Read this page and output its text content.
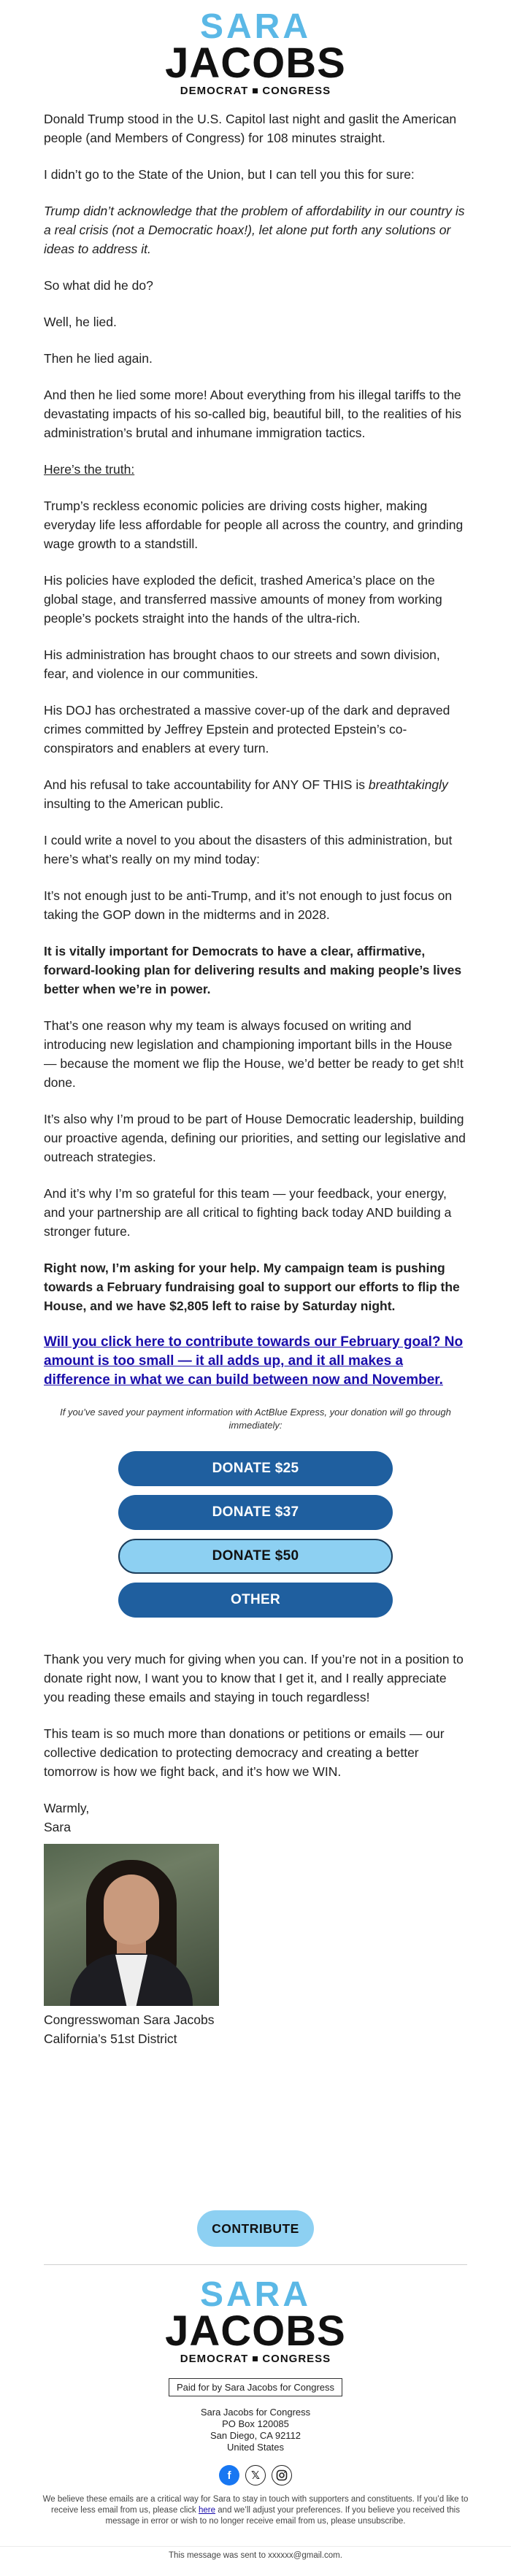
SARA
JACOBS
DEMOCRAT CONGRESS

Donald Trump stood in the U.S. Capitol last night and gaslit the American people (and Members of Congress) for 108 minutes straight.

I didn’t go to the State of the Union, but I can tell you this for sure:

Trump didn’t acknowledge that the problem of affordability in our country is a real crisis (not a Democratic hoax!), let alone put forth any solutions or ideas to address it.

So what did he do?

Well, he lied.

Then he lied again.

And then he lied some more! About everything from his illegal tariffs to the devastating impacts of his so-called big, beautiful bill, to the realities of his administration’s brutal and inhumane immigration tactics.

Here’s the truth:

Trump’s reckless economic policies are driving costs higher, making everyday life less affordable for people all across the country, and grinding wage growth to a standstill.

His policies have exploded the deficit, trashed America’s place on the global stage, and transferred massive amounts of money from working people’s pockets straight into the hands of the ultra-rich.

His administration has brought chaos to our streets and sown division, fear, and violence in our communities.

His DOJ has orchestrated a massive cover-up of the dark and depraved crimes committed by Jeffrey Epstein and protected Epstein’s co-conspirators and enablers at every turn.

And his refusal to take accountability for ANY OF THIS is breathtakingly insulting to the American public.

I could write a novel to you about the disasters of this administration, but here’s what’s really on my mind today:

It’s not enough just to be anti-Trump, and it’s not enough to just focus on taking the GOP down in the midterms and in 2028.

It is vitally important for Democrats to have a clear, affirmative, forward-looking plan for delivering results and making people’s lives better when we’re in power.

That’s one reason why my team is always focused on writing and introducing new legislation and championing important bills in the House — because the moment we flip the House, we’d better be ready to get sh!t done.

It’s also why I’m proud to be part of House Democratic leadership, building our proactive agenda, defining our priorities, and setting our legislative and outreach strategies.

And it’s why I’m so grateful for this team — your feedback, your energy, and your partnership are all critical to fighting back today AND building a stronger future.

Right now, I’m asking for your help. My campaign team is pushing towards a February fundraising goal to support our efforts to flip the House, and we have $2,805 left to raise by Saturday night.

Will you click here to contribute towards our February goal? No amount is too small — it all adds up, and it all makes a difference in what we can build between now and November.
If you’ve saved your payment information with ActBlue Express, your donation will go through immediately:
DONATE $25
DONATE $37
DONATE $50
OTHER

Thank you very much for giving when you can. If you’re not in a position to donate right now, I want you to know that I get it, and I really appreciate you reading these emails and staying in touch regardless!

This team is so much more than donations or petitions or emails — our collective dedication to protecting democracy and creating a better tomorrow is how we fight back, and it’s how we WIN.

Warmly,
Sara
Congresswoman Sara Jacobs
California’s 51st District
CONTRIBUTE
SARA
JACOBS
DEMOCRAT CONGRESS
Paid for by Sara Jacobs for Congress
Sara Jacobs for Congress
PO Box 120085
San Diego, CA 92112
United States
f	𝕏
We believe these emails are a critical way for Sara to stay in touch with supporters and constituents. If you’d like to receive less email from us, please click here and we’ll adjust your preferences. If you believe you received this message in error or wish to no longer receive email from us, please unsubscribe.
This message was sent to xxxxxx@gmail.com.
